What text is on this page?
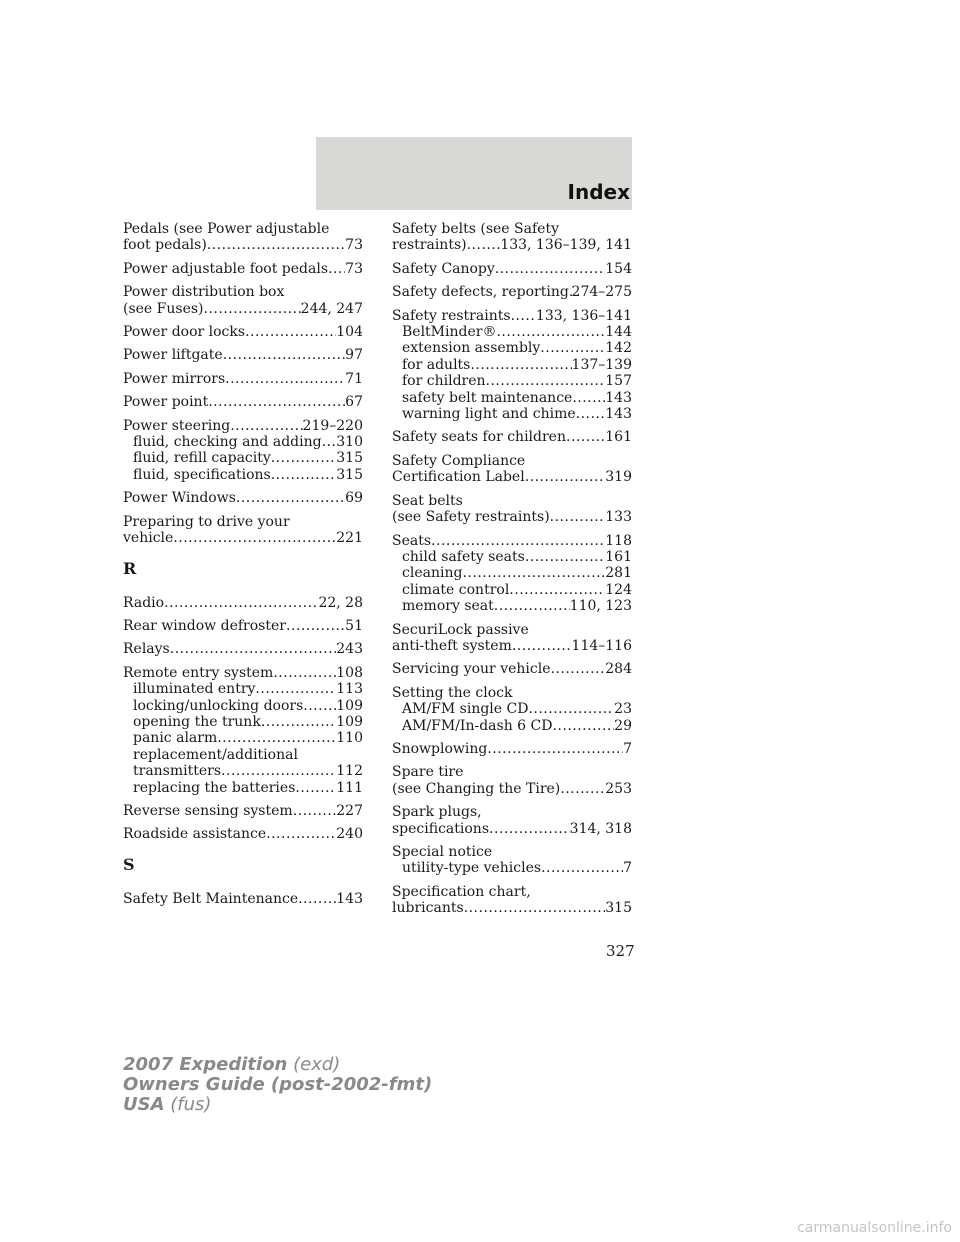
Index
Pedals (see Power adjustable
foot pedals) .....	73
Power adjustable foot pedals ..... 73
Power distribution box
(see Fuses) .....	244, 247
Power door locks .....	104
Power liftgate .....	97
Power mirrors .....	71
Power point .....	67
Power steering .....	219–220
fluid, checking and adding ..... 310
fluid, refill capacity .....	315
fluid, specifications .....	315
Power Windows .....	69
Preparing to drive your
vehicle .....	221
R
Radio .....	22, 28
Rear window defroster .....	51
Relays .....	243
Remote entry system .....	108
illuminated entry .....	113
locking/unlocking doors ..... 109
opening the trunk .....	109
panic alarm .....	110
replacement/additional
transmitters .....	112
replacing the batteries .....	111
Reverse sensing system .....	227
Roadside assistance .....	240
S
Safety Belt Maintenance .....	143
Safety belts (see Safety
restraints) ..... 133, 136–139, 141
Safety Canopy .....	154
Safety defects, reporting ..... 274–275
Safety restraints ..... 133, 136–141
BeltMinder® .....	144
extension assembly .....	142
for adults .....	137–139
for children .....	157
safety belt maintenance ..... 143
warning light and chime ..... 143
Safety seats for children .....	161
Safety Compliance
Certification Label .....	319
Seat belts
(see Safety restraints) .....	133
Seats .....	118
child safety seats .....	161
cleaning .....	281
climate control .....	124
memory seat .....	110, 123
SecuriLock passive
anti-theft system .....	114–116
Servicing your vehicle .....	284
Setting the clock
AM/FM single CD .....	23
AM/FM/In-dash 6 CD .....	29
Snowplowing .....	7
Spare tire
(see Changing the Tire) .....	253
Spark plugs,
specifications .....	314, 318
Special notice
utility-type vehicles .....	7
Specification chart,
lubricants .....	315
327
2007 Expedition (exd)
Owners Guide (post-2002-fmt)
USA (fus)
carmanualsonline.info
